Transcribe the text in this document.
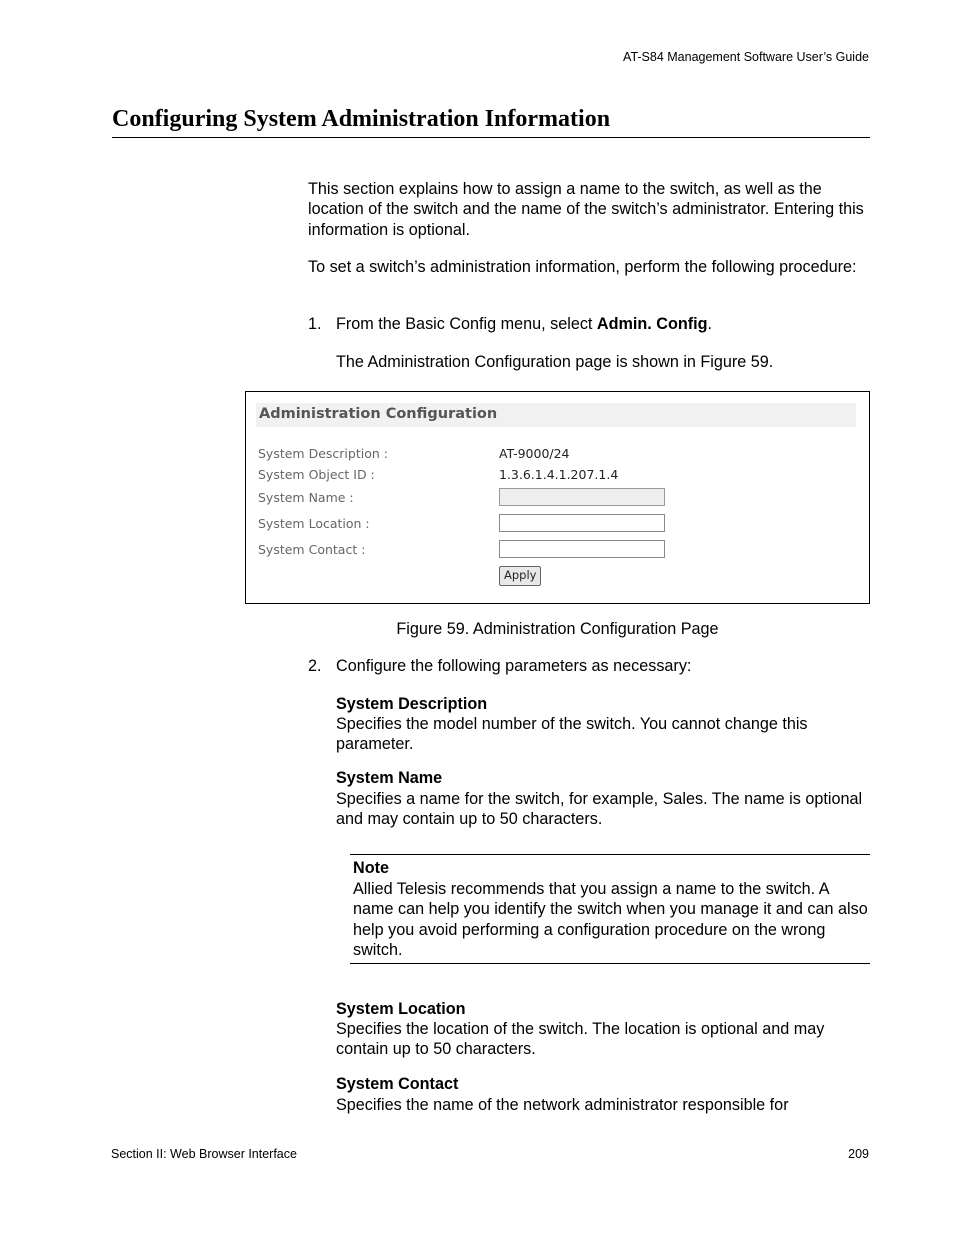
AT-S84 Management Software User’s Guide
Configuring System Administration Information
This section explains how to assign a name to the switch, as well as the location of the switch and the name of the switch’s administrator. Entering this information is optional.
To set a switch’s administration information, perform the following procedure:
1. From the Basic Config menu, select Admin. Config.
The Administration Configuration page is shown in Figure 59.
Administration Configuration
System Description :	AT-9000/24
System Object ID :	1.3.6.1.4.1.207.1.4
System Name :
System Location :
System Contact :
Apply
Figure 59. Administration Configuration Page
2. Configure the following parameters as necessary:
System Description
Specifies the model number of the switch. You cannot change this parameter.
System Name
Specifies a name for the switch, for example, Sales. The name is optional and may contain up to 50 characters.
Note
Allied Telesis recommends that you assign a name to the switch. A name can help you identify the switch when you manage it and can also help you avoid performing a configuration procedure on the wrong switch.
System Location
Specifies the location of the switch. The location is optional and may contain up to 50 characters.
System Contact
Specifies the name of the network administrator responsible for
Section II: Web Browser Interface	209
